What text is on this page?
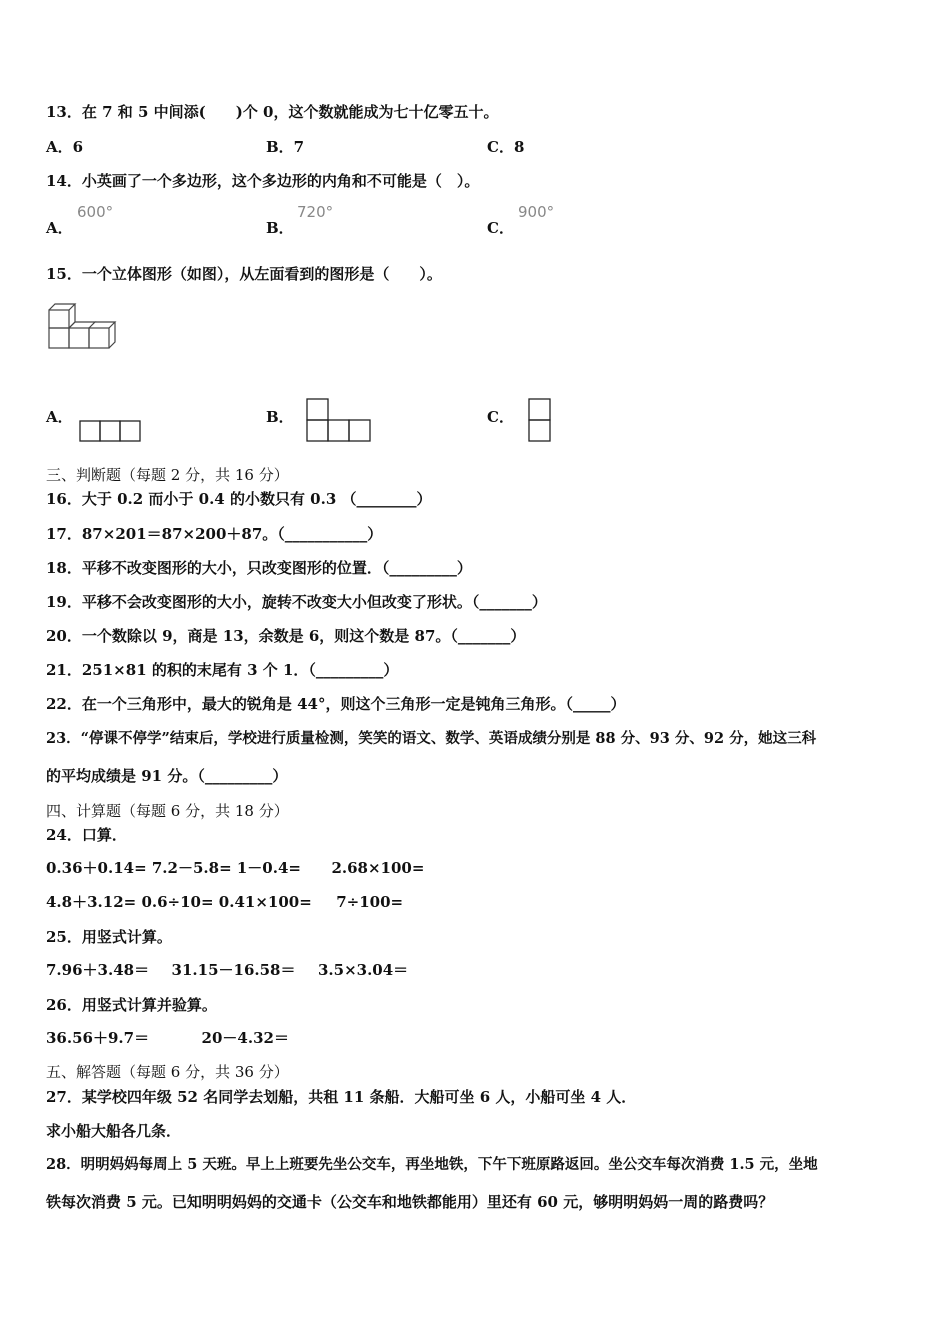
13．在 7 和 5 中间添(　　)个 0，这个数就能成为七十亿零五十。
A．6	B．7	C．8
14．小英画了一个多边形，这个多边形的内角和不可能是（　）。
A．
600°
B．
720°
C．
900°
15．一个立体图形（如图），从左面看到的图形是（　　）。
A．	B．	C．
三、判断题（每题 2 分，共 16 分）
16．大于 0.2 而小于 0.4 的小数只有 0.3 （________）
17．87×201＝87×200＋87。（___________）
18．平移不改变图形的大小，只改变图形的位置．（_________）
19．平移不会改变图形的大小，旋转不改变大小但改变了形状。（_______）
20．一个数除以 9，商是 13，余数是 6，则这个数是 87。（_______）
21．251×81 的积的末尾有 3 个 1．（_________）
22．在一个三角形中，最大的锐角是 44°，则这个三角形一定是钝角三角形。（_____）
23．“停课不停学”结束后，学校进行质量检测，笑笑的语文、数学、英语成绩分别是 88 分、93 分、92 分，她这三科
的平均成绩是 91 分。（_________）
四、计算题（每题 6 分，共 18 分）
24．口算．
0.36＋0.14= 7.2－5.8= 1－0.4= 2.68×100=
4.8＋3.12= 0.6÷10= 0.41×100= 7÷100=
25．用竖式计算。
7.96＋3.48＝ 31.15－16.58＝ 3.5×3.04＝
26．用竖式计算并验算。
36.56＋9.7＝	20－4.32＝
五、解答题（每题 6 分，共 36 分）
27．某学校四年级 52 名同学去划船，共租 11 条船．大船可坐 6 人，小船可坐 4 人．
求小船大船各几条．
28．明明妈妈每周上 5 天班。早上上班要先坐公交车，再坐地铁，下午下班原路返回。坐公交车每次消费 1.5 元，坐地
铁每次消费 5 元。已知明明妈妈的交通卡（公交车和地铁都能用）里还有 60 元，够明明妈妈一周的路费吗？
